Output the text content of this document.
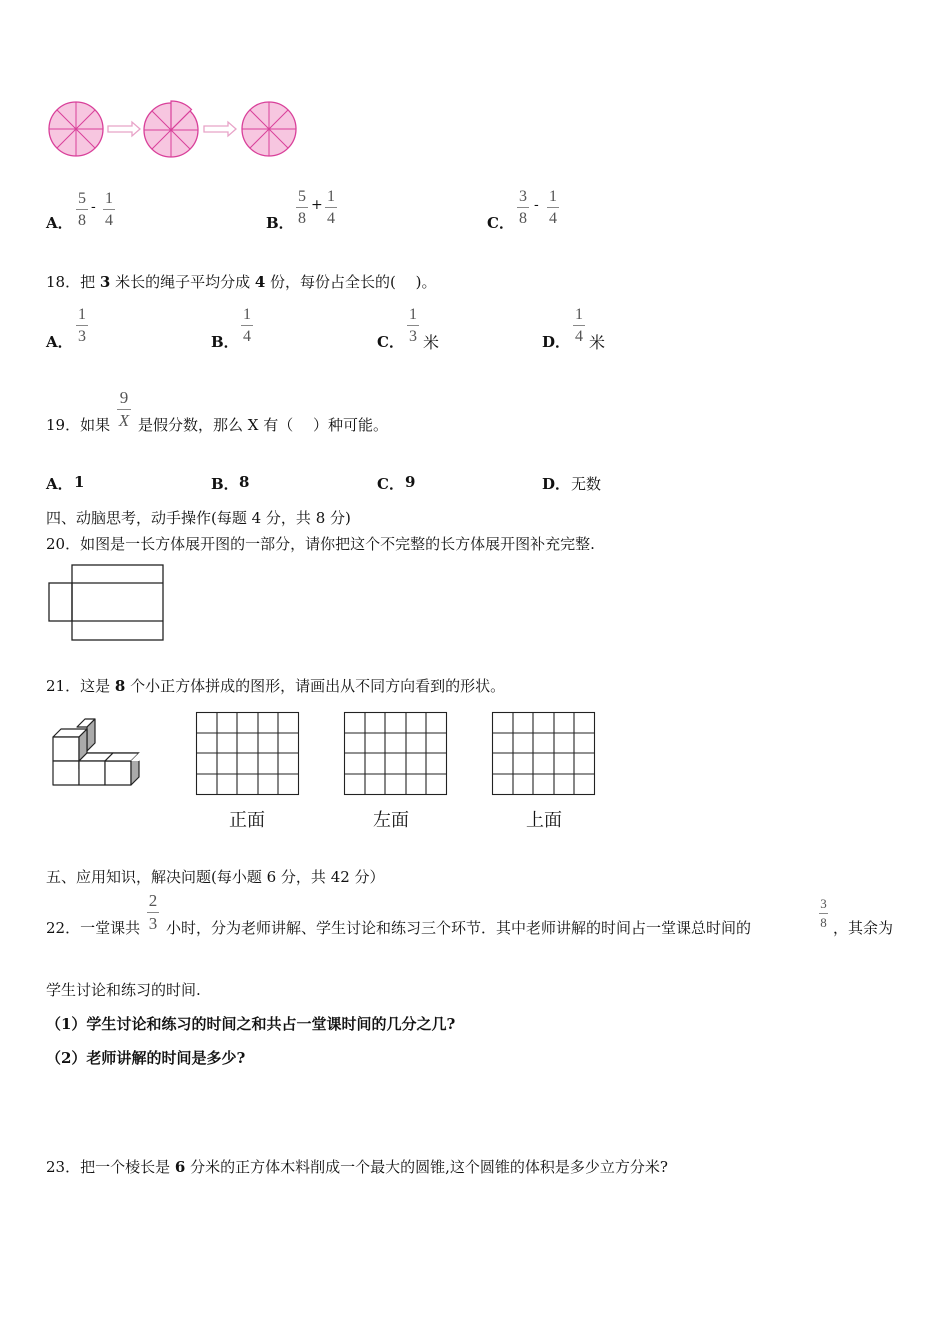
A．
5
8
- 1
4	B．
5
8
+ 1
4	C．
3
8
- 1
4
18．把 3 米长的绳子平均分成 4 份，每份占全长的(　 )。
A．
1
3	B．
1
4	C．
1
3 米	D．
1
4 米
19．如果
9
X 是假分数，那么 X 有（　 ）种可能。
A． 1	B． 8	C． 9	D． 无数
四、动脑思考，动手操作(每题 4 分，共 8 分)
20．如图是一长方体展开图的一部分，请你把这个不完整的长方体展开图补充完整.
21．这是 8 个小正方体拼成的图形，请画出从不同方向看到的形状。
正面	左面	上面
五、应用知识，解决问题(每小题 6 分，共 42 分）
22．一堂课共
2
3 小时，分为老师讲解、学生讨论和练习三个环节．其中老师讲解的时间占一堂课总时间的
3
8 ，其余为
学生讨论和练习的时间.
（1）学生讨论和练习的时间之和共占一堂课时间的几分之几?
（2）老师讲解的时间是多少?
23．把一个棱长是 6 分米的正方体木料削成一个最大的圆锥,这个圆锥的体积是多少立方分米?
